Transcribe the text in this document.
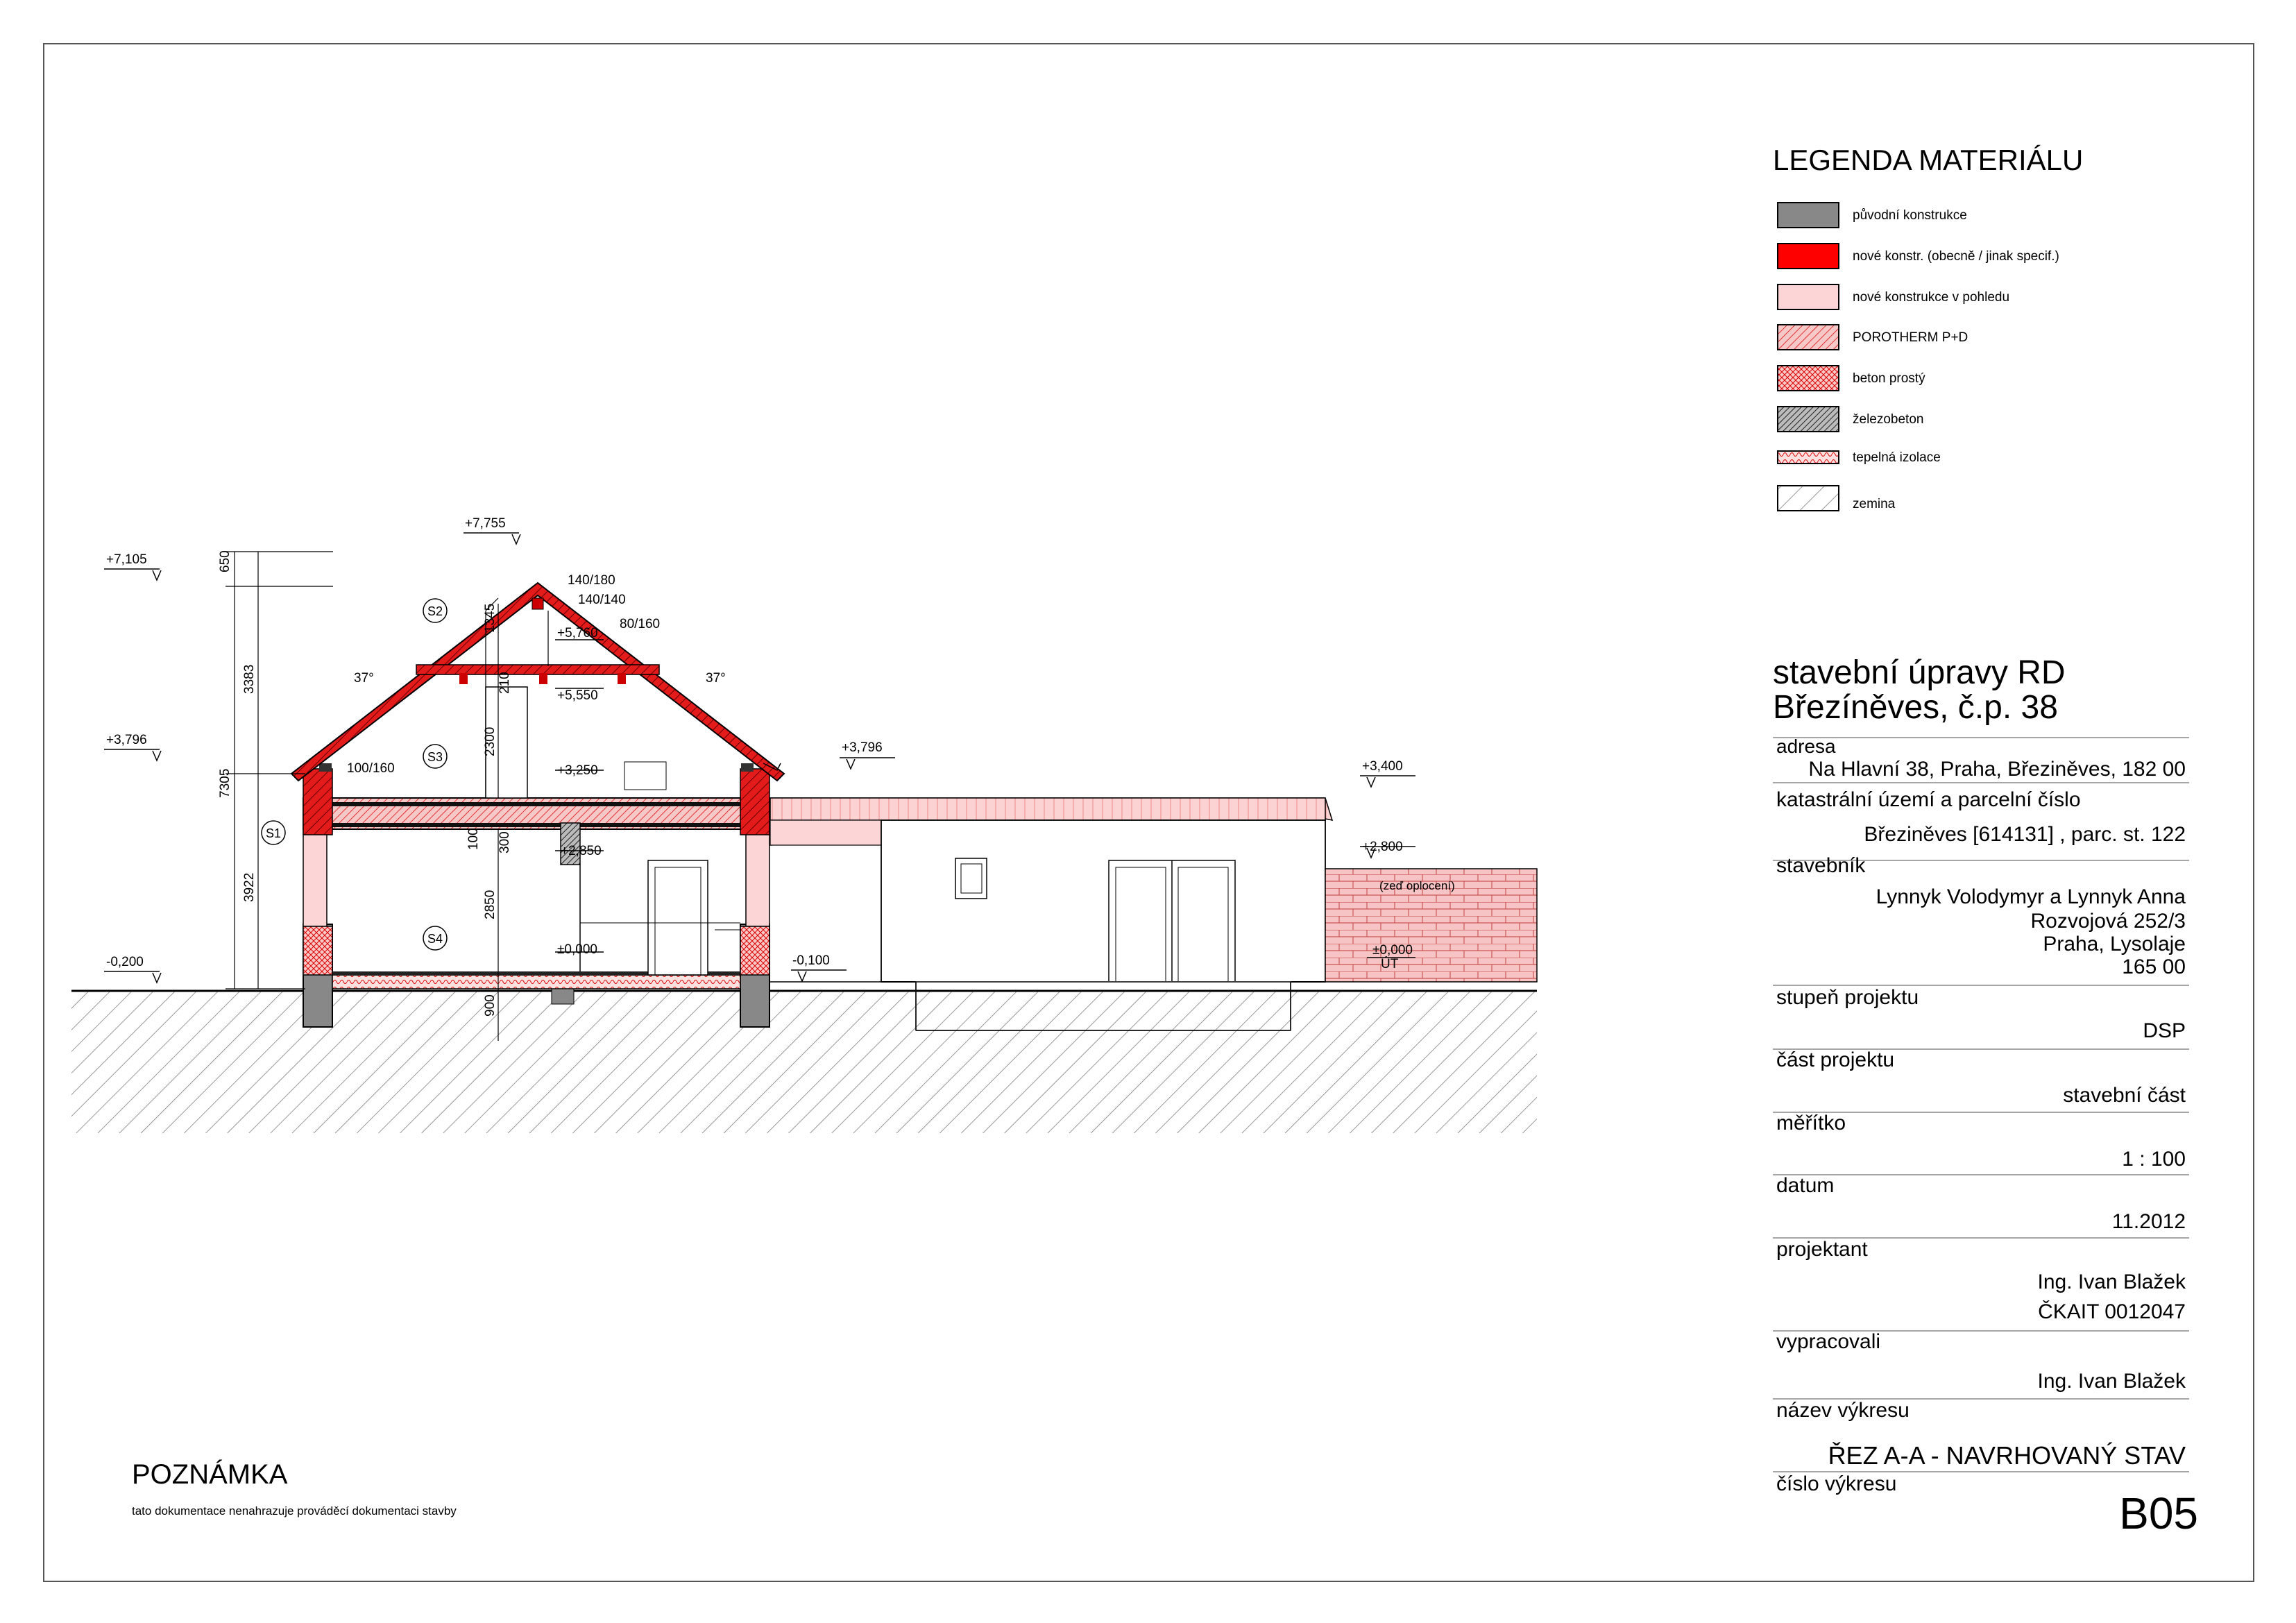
LEGENDA MATERIÁLU
původní konstrukce
nové konstr. (obecně / jinak specif.)
nové konstrukce v pohledu
POROTHERM P+D
beton prostý
železobeton
tepelná izolace
zemina
stavební úpravy RD
Březíněves, č.p. 38
adresa
Na Hlavní 38, Praha, Březiněves, 182 00
katastrální území a parcelní číslo
Březiněves [614131] , parc. st. 122
stavebník
Lynnyk Volodymyr a Lynnyk Anna
Rozvojová 252/3
Praha, Lysolaje
165 00
stupeň projektu
DSP
část projektu
stavební část
měřítko
1 : 100
datum
11.2012
projektant
Ing. Ivan Blažek
ČKAIT 0012047
vypracovali
Ing. Ivan Blažek
název výkresu
ŘEZ A-A - NAVRHOVANÝ STAV
číslo výkresu
B05
POZNÁMKA
tato dokumentace nenahrazuje prováděcí dokumentaci stavby
S2
S3
S1
S4
+7,105
+7,755
+3,796
+3,796
+5,760
+5,550
+3,250
+2,850
±0,000
-0,200	-0,100
+3,400
+2,800
±0,000
650
3383
7305
3922
1345
210
2300
100 300
2850
900
140/180
140/140
80/160
100/160
37°	37°
(zeď oplocení)
ÚT
